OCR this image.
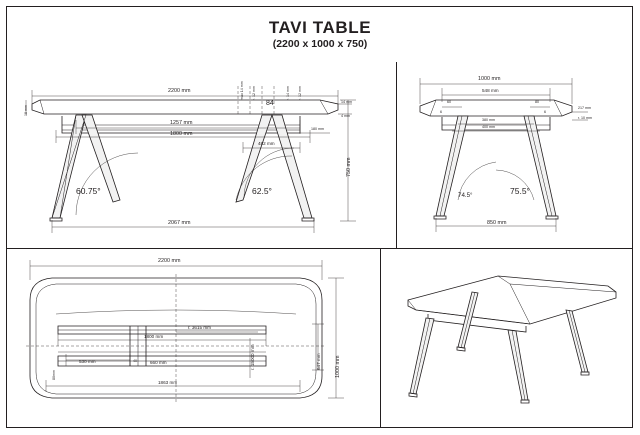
TAVI TABLE
(2200 x 1000 x 750)
2200 mm
1257 mm
1800 mm
482 mm
2067 mm
750 mm
18 mm
180 mm
84	14 mm
4 mm
max 14 mm r. 12 mm	r. 14 mm r. 12 mm
60.75°	62.5°
1000 mm
548 mm
60	80
6	6
380 mm
400 mm
217 mm
r. 10 mm
850 mm
74.5°	75.5°
2200 mm
1000 mm
647 mm
1800 mm
660 mm
530 mm
1863 mm
40
80mm
r. 3615 mm
r. 15000 mm
